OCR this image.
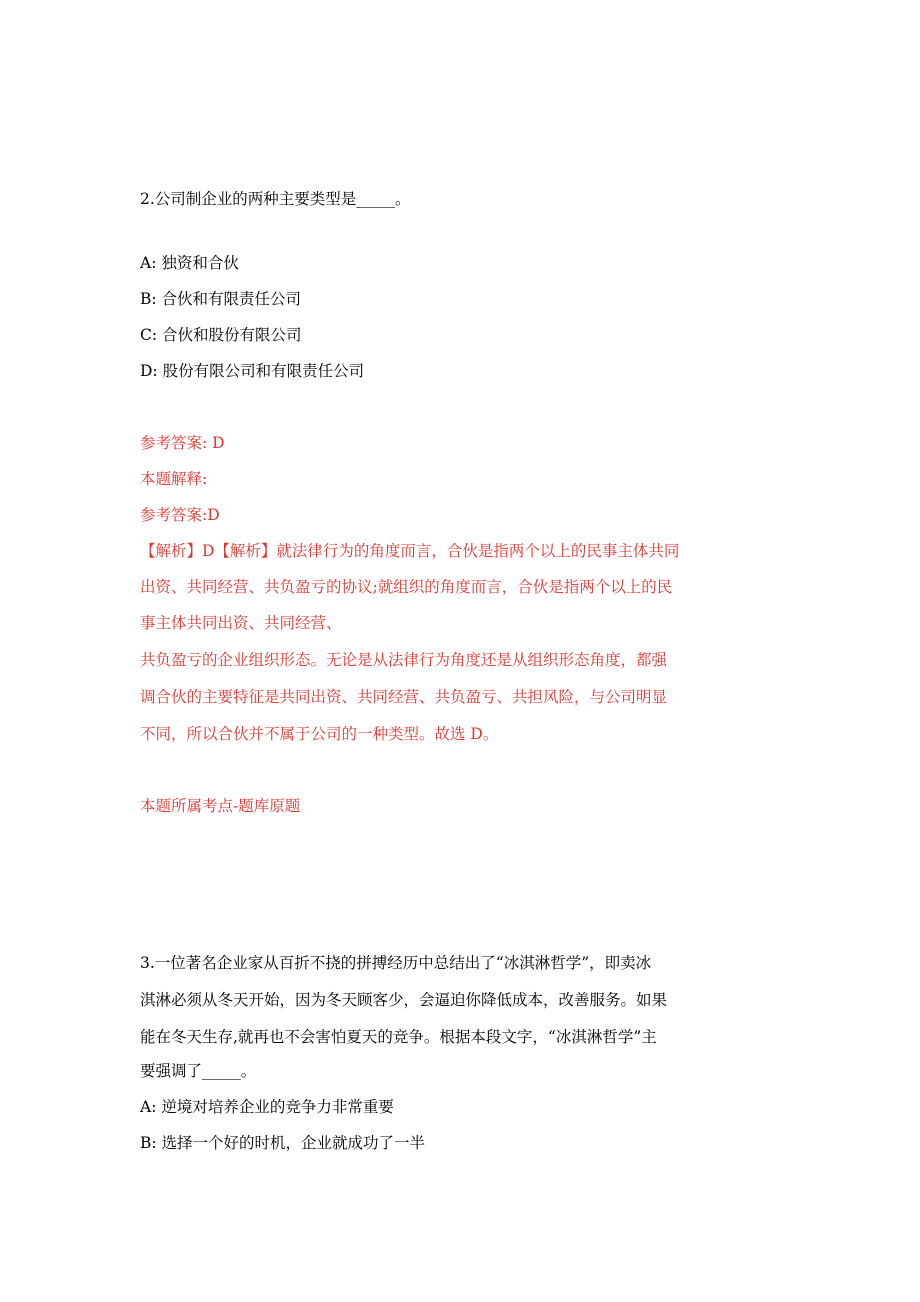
2.公司制企业的两种主要类型是_____。
A: 独资和合伙
B: 合伙和有限责任公司
C: 合伙和股份有限公司
D: 股份有限公司和有限责任公司
参考答案: D
本题解释:
参考答案:D
【解析】D【解析】就法律行为的角度而言，合伙是指两个以上的民事主体共同
出资、共同经营、共负盈亏的协议;就组织的角度而言，合伙是指两个以上的民
事主体共同出资、共同经营、
共负盈亏的企业组织形态。无论是从法律行为角度还是从组织形态角度，都强
调合伙的主要特征是共同出资、共同经营、共负盈亏、共担风险，与公司明显
不同，所以合伙并不属于公司的一种类型。故选 D。
本题所属考点-题库原题
3.一位著名企业家从百折不挠的拼搏经历中总结出了“冰淇淋哲学”，即卖冰
淇淋必须从冬天开始，因为冬天顾客少，会逼迫你降低成本，改善服务。如果
能在冬天生存,就再也不会害怕夏天的竞争。根据本段文字，“冰淇淋哲学”主
要强调了_____。
A: 逆境对培养企业的竞争力非常重要
B: 选择一个好的时机，企业就成功了一半
